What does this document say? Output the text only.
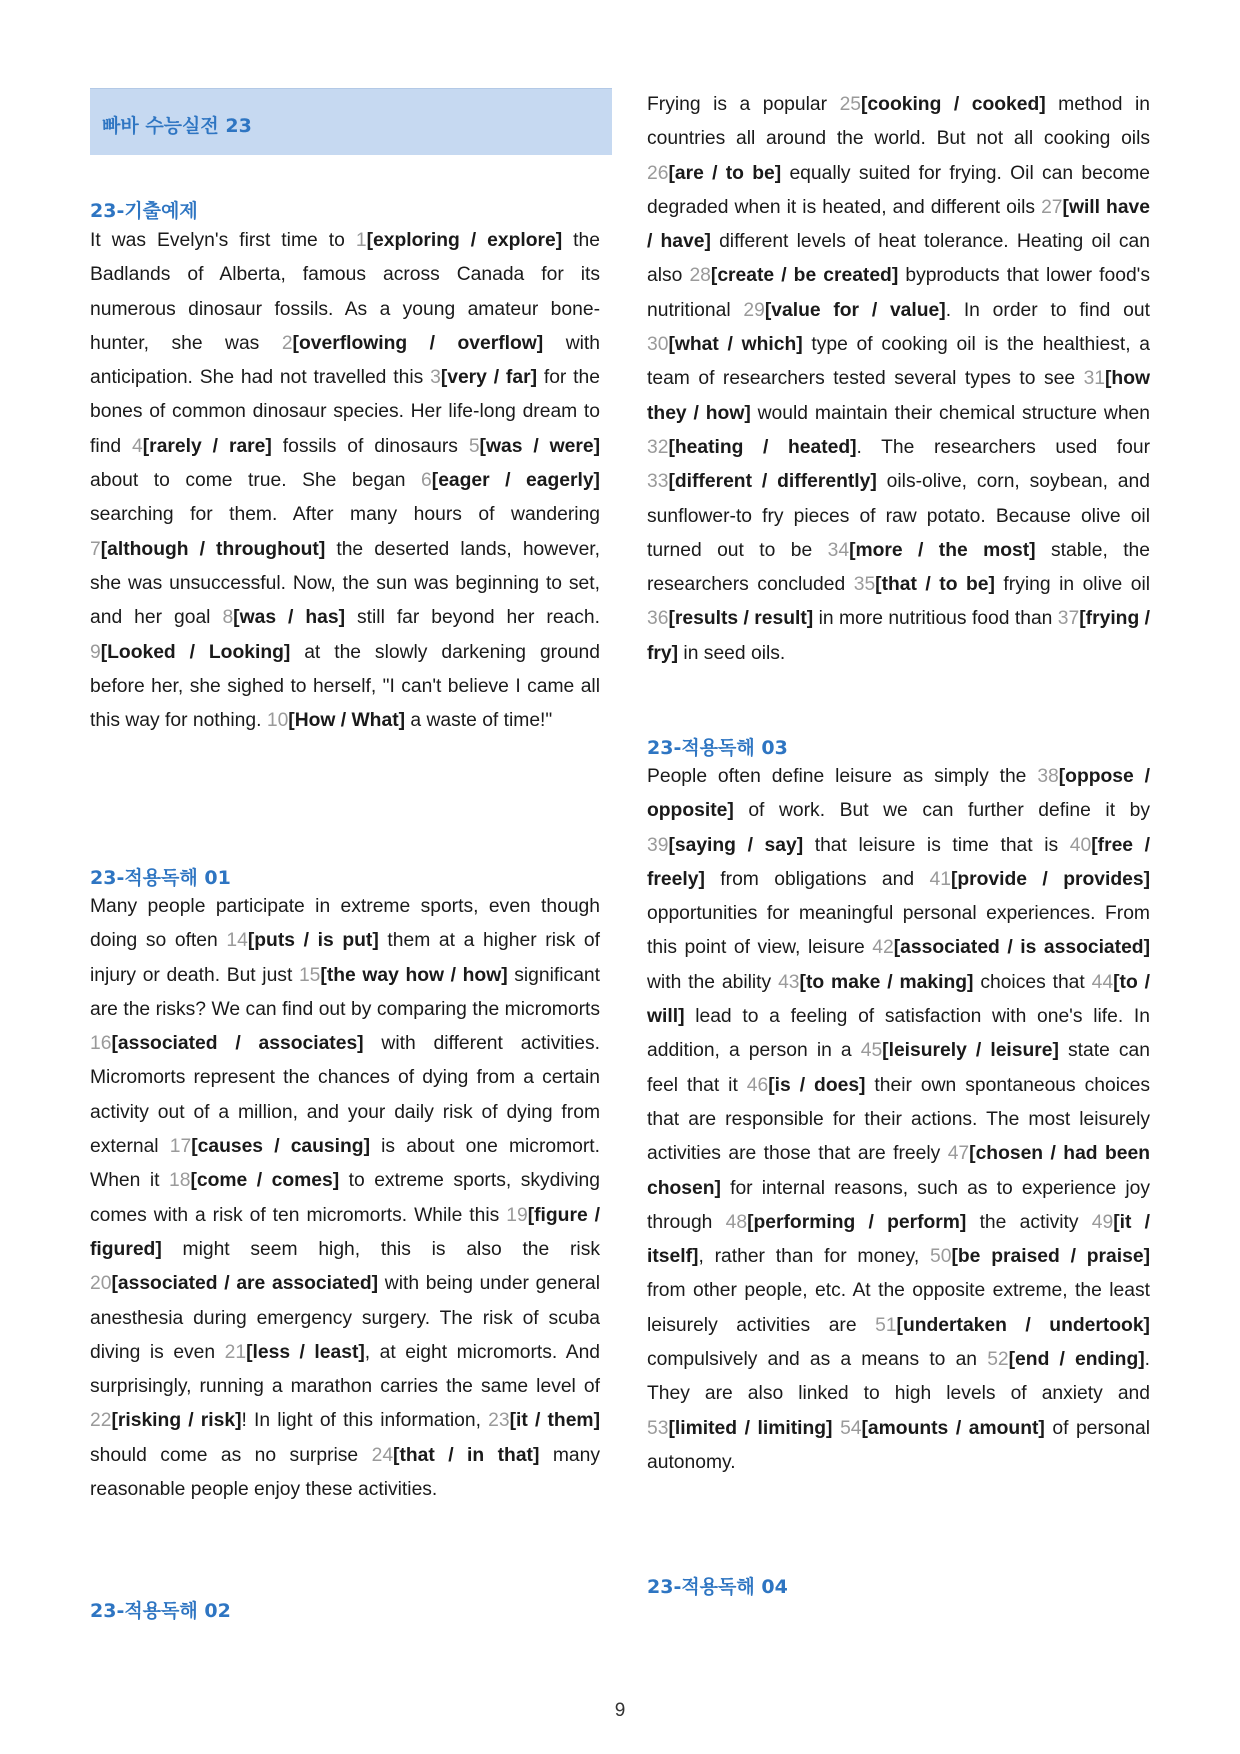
빠바 수능실전 23
23-기출예제

It was Evelyn's first time to 1[exploring / explore] the Badlands of Alberta, famous across Canada for its numerous dinosaur fossils. As a young amateur bone-hunter, she was 2[overflowing / overflow] with anticipation. She had not travelled this 3[very / far] for the bones of common dinosaur species. Her life-long dream to find 4[rarely / rare] fossils of dinosaurs 5[was / were] about to come true. She began 6[eager / eagerly] searching for them. After many hours of wandering 7[although / throughout] the deserted lands, however, she was unsuccessful. Now, the sun was beginning to set, and her goal 8[was / has] still far beyond her reach. 9[Looked / Looking] at the slowly darkening ground before her, she sighed to herself, "I can't believe I came all this way for nothing. 10[How / What] a waste of time!"

23-적용독해 01

Many people participate in extreme sports, even though doing so often 14[puts / is put] them at a higher risk of injury or death. But just 15[the way how / how] significant are the risks? We can find out by comparing the micromorts 16[associated / associates] with different activities. Micromorts represent the chances of dying from a certain activity out of a million, and your daily risk of dying from external 17[causes / causing] is about one micromort. When it 18[come / comes] to extreme sports, skydiving comes with a risk of ten micromorts. While this 19[figure / figured] might seem high, this is also the risk 20[associated / are associated] with being under general anesthesia during emergency surgery. The risk of scuba diving is even 21[less / least], at eight micromorts. And surprisingly, running a marathon carries the same level of 22[risking / risk]! In light of this information, 23[it / them] should come as no surprise 24[that / in that] many reasonable people enjoy these activities.

23-적용독해 02

Frying is a popular 25[cooking / cooked] method in countries all around the world. But not all cooking oils 26[are / to be] equally suited for frying. Oil can become degraded when it is heated, and different oils 27[will have / have] different levels of heat tolerance. Heating oil can also 28[create / be created] byproducts that lower food's nutritional 29[value for / value]. In order to find out 30[what / which] type of cooking oil is the healthiest, a team of researchers tested several types to see 31[how they / how] would maintain their chemical structure when 32[heating / heated]. The researchers used four 33[different / differently] oils-olive, corn, soybean, and sunflower-to fry pieces of raw potato. Because olive oil turned out to be 34[more / the most] stable, the researchers concluded 35[that / to be] frying in olive oil 36[results / result] in more nutritious food than 37[frying / fry] in seed oils.

23-적용독해 03

People often define leisure as simply the 38[oppose / opposite] of work. But we can further define it by 39[saying / say] that leisure is time that is 40[free / freely] from obligations and 41[provide / provides] opportunities for meaningful personal experiences. From this point of view, leisure 42[associated / is associated] with the ability 43[to make / making] choices that 44[to / will] lead to a feeling of satisfaction with one's life. In addition, a person in a 45[leisurely / leisure] state can feel that it 46[is / does] their own spontaneous choices that are responsible for their actions. The most leisurely activities are those that are freely 47[chosen / had been chosen] for internal reasons, such as to experience joy through 48[performing / perform] the activity 49[it / itself], rather than for money, 50[be praised / praise] from other people, etc. At the opposite extreme, the least leisurely activities are 51[undertaken / undertook] compulsively and as a means to an 52[end / ending]. They are also linked to high levels of anxiety and 53[limited / limiting] 54[amounts / amount] of personal autonomy.

23-적용독해 04
9
